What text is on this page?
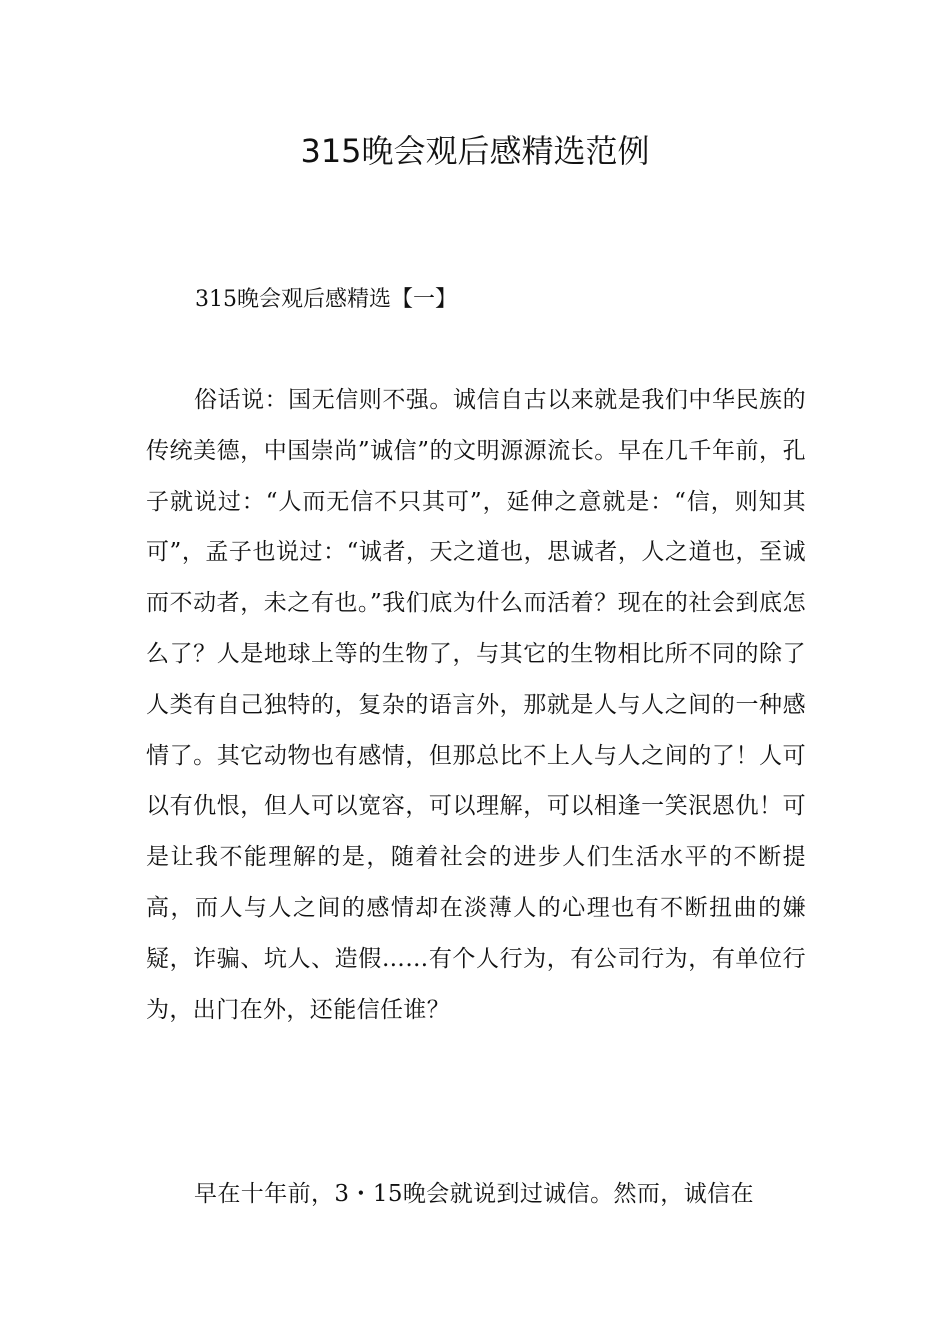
315晚会观后感精选范例
315晚会观后感精选【一】

俗话说：国无信则不强。诚信自古以来就是我们中华民族的传统美德，中国崇尚”诚信”的文明源源流长。早在几千年前，孔子就说过：“人而无信不只其可”，延伸之意就是：“信，则知其可”，孟子也说过：“诚者，天之道也，思诚者，人之道也，至诚而不动者，未之有也。”我们底为什么而活着？现在的社会到底怎么了？人是地球上等的生物了，与其它的生物相比所不同的除了人类有自己独特的，复杂的语言外，那就是人与人之间的一种感情了。其它动物也有感情，但那总比不上人与人之间的了！人可以有仇恨，但人可以宽容，可以理解，可以相逢一笑泯恩仇！可是让我不能理解的是，随着社会的进步人们生活水平的不断提高，而人与人之间的感情却在淡薄人的心理也有不断扭曲的嫌疑，诈骗、坑人、造假……有个人行为，有公司行为，有单位行为，出门在外，还能信任谁？

早在十年前，3・15晚会就说到过诚信。然而，诚信在
